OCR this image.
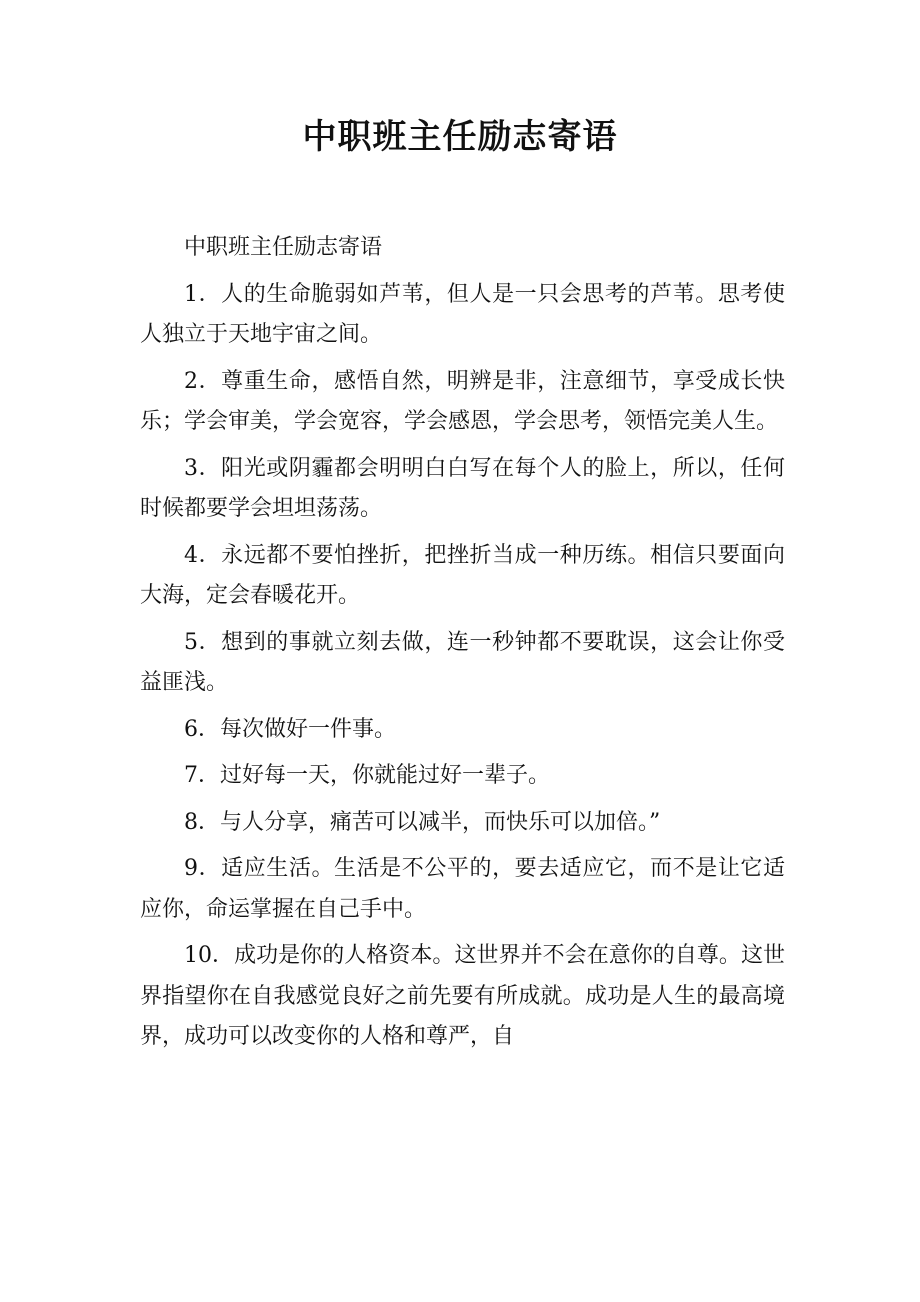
中职班主任励志寄语

中职班主任励志寄语

1．人的生命脆弱如芦苇，但人是一只会思考的芦苇。思考使人独立于天地宇宙之间。

2．尊重生命，感悟自然，明辨是非，注意细节，享受成长快乐；学会审美，学会宽容，学会感恩，学会思考，领悟完美人生。

3．阳光或阴霾都会明明白白写在每个人的脸上，所以，任何时候都要学会坦坦荡荡。

4．永远都不要怕挫折，把挫折当成一种历练。相信只要面向大海，定会春暖花开。

5．想到的事就立刻去做，连一秒钟都不要耽误，这会让你受益匪浅。

6．每次做好一件事。

7．过好每一天，你就能过好一辈子。

8．与人分享，痛苦可以减半，而快乐可以加倍。”

9．适应生活。生活是不公平的，要去适应它，而不是让它适应你，命运掌握在自己手中。

10．成功是你的人格资本。这世界并不会在意你的自尊。这世界指望你在自我感觉良好之前先要有所成就。成功是人生的最高境界，成功可以改变你的人格和尊严，自
